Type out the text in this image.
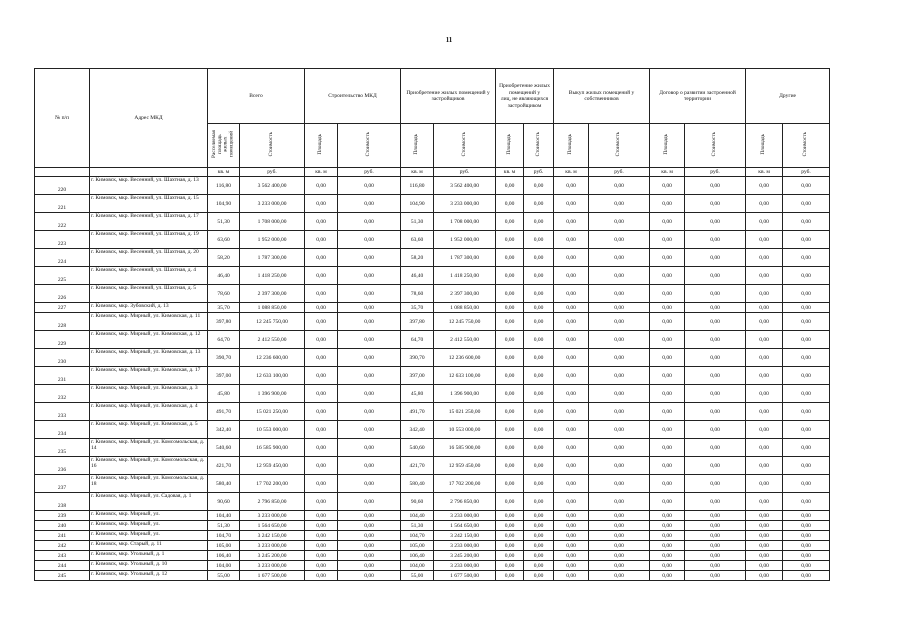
11
№ п/п	Адрес МКД	Всего		Строительство МКД		Приобретение жилых помещений у застройщиков		Приобретение жилых помещений у
лиц, не являющихся застройщиком		Выкуп жилых помещений у собственников		Договор о развитии застроенной территории		Другие	
		Расселяемая
площадь
жилых
помещений	Стоимость	Площадь	Стоимость	Площадь	Стоимость	Площадь	Стоимость	Площадь	Стоимость	Площадь	Стоимость	Площадь	Стоимость
		кв. м	руб.	кв. м	руб.	кв. м	руб.	кв. м	руб.	кв. м	руб.	кв. м	руб.	кв. м	руб.
220	г. Кимовск, мкр. Весенний, ул. Шахтная, д. 13	116,80	3 562 400,00	0,00	0,00	116,80	3 562 400,00	0,00	0,00	0,00	0,00	0,00	0,00	0,00	0,00
221	г. Кимовск, мкр. Весенний, ул. Шахтная, д. 15	104,90	3 233 000,00	0,00	0,00	104,90	3 233 000,00	0,00	0,00	0,00	0,00	0,00	0,00	0,00	0,00
222	г. Кимовск, мкр. Весенний, ул. Шахтная, д. 17	51,30	1 708 000,00	0,00	0,00	51,30	1 708 000,00	0,00	0,00	0,00	0,00	0,00	0,00	0,00	0,00
223	г. Кимовск, мкр. Весенний, ул. Шахтная, д. 19	63,60	1 952 000,00	0,00	0,00	63,60	1 952 000,00	0,00	0,00	0,00	0,00	0,00	0,00	0,00	0,00
224	г. Кимовск, мкр. Весенний, ул. Шахтная, д. 20	58,20	1 787 300,00	0,00	0,00	58,20	1 787 300,00	0,00	0,00	0,00	0,00	0,00	0,00	0,00	0,00
225	г. Кимовск, мкр. Весенний, ул. Шахтная, д. 4	46,40	1 418 250,00	0,00	0,00	46,40	1 418 250,00	0,00	0,00	0,00	0,00	0,00	0,00	0,00	0,00
226	г. Кимовск, мкр. Весенний, ул. Шахтная, д. 5	78,60	2 397 300,00	0,00	0,00	78,60	2 397 300,00	0,00	0,00	0,00	0,00	0,00	0,00	0,00	0,00
227	г. Кимовск, мкр. Зубовский, д. 13	35,70	1 088 850,00	0,00	0,00	35,70	1 088 850,00	0,00	0,00	0,00	0,00	0,00	0,00	0,00	0,00
228	г. Кимовск, мкр. Мирный, ул. Кимовская, д. 11	397,80	12 245 750,00	0,00	0,00	397,80	12 245 750,00	0,00	0,00	0,00	0,00	0,00	0,00	0,00	0,00
229	г. Кимовск, мкр. Мирный, ул. Кимовская, д. 12	64,70	2 412 550,00	0,00	0,00	64,70	2 412 550,00	0,00	0,00	0,00	0,00	0,00	0,00	0,00	0,00
230	г. Кимовск, мкр. Мирный, ул. Кимовская, д. 13	390,70	12 236 600,00	0,00	0,00	390,70	12 236 600,00	0,00	0,00	0,00	0,00	0,00	0,00	0,00	0,00
231	г. Кимовск, мкр. Мирный, ул. Кимовская, д. 17	397,00	12 633 100,00	0,00	0,00	397,00	12 633 100,00	0,00	0,00	0,00	0,00	0,00	0,00	0,00	0,00
232	г. Кимовск, мкр. Мирный, ул. Кимовская, д. 3	45,80	1 396 900,00	0,00	0,00	45,80	1 396 900,00	0,00	0,00	0,00	0,00	0,00	0,00	0,00	0,00
233	г. Кимовск, мкр. Мирный, ул. Кимовская, д. 4	491,70	15 021 250,00	0,00	0,00	491,70	15 021 250,00	0,00	0,00	0,00	0,00	0,00	0,00	0,00	0,00
234	г. Кимовск, мкр. Мирный, ул. Кимовская, д. 5	342,40	10 553 000,00	0,00	0,00	342,40	10 553 000,00	0,00	0,00	0,00	0,00	0,00	0,00	0,00	0,00
235	г. Кимовск, мкр. Мирный, ул. Комсомольская, д. 14	540,60	16 585 900,00	0,00	0,00	540,60	16 585 900,00	0,00	0,00	0,00	0,00	0,00	0,00	0,00	0,00
236	г. Кимовск, мкр. Мирный, ул. Комсомольская, д. 16	421,70	12 959 450,00	0,00	0,00	421,70	12 959 450,00	0,00	0,00	0,00	0,00	0,00	0,00	0,00	0,00
237	г. Кимовск, мкр. Мирный, ул. Комсомольская, д. 18	580,40	17 702 200,00	0,00	0,00	580,40	17 702 200,00	0,00	0,00	0,00	0,00	0,00	0,00	0,00	0,00
238	г. Кимовск, мкр. Мирный, ул. Садовая, д. 1	90,60	2 796 850,00	0,00	0,00	90,60	2 796 850,00	0,00	0,00	0,00	0,00	0,00	0,00	0,00	0,00
239	г. Кимовск, мкр. Мирный, ул.	104,40	3 233 000,00	0,00	0,00	104,40	3 233 000,00	0,00	0,00	0,00	0,00	0,00	0,00	0,00	0,00
240	г. Кимовск, мкр. Мирный, ул.	51,30	1 564 650,00	0,00	0,00	51,30	1 564 650,00	0,00	0,00	0,00	0,00	0,00	0,00	0,00	0,00
241	г. Кимовск, мкр. Мирный, ул.	104,70	3 242 150,00	0,00	0,00	104,70	3 242 150,00	0,00	0,00	0,00	0,00	0,00	0,00	0,00	0,00
242	г. Кимовск, мкр. Старый, д. 11	105,00	3 233 000,00	0,00	0,00	105,00	3 233 000,00	0,00	0,00	0,00	0,00	0,00	0,00	0,00	0,00
243	г. Кимовск, мкр. Угольный, д. 1	106,40	3 245 200,00	0,00	0,00	106,40	3 245 200,00	0,00	0,00	0,00	0,00	0,00	0,00	0,00	0,00
244	г. Кимовск, мкр. Угольный, д. 10	104,00	3 233 000,00	0,00	0,00	104,00	3 233 000,00	0,00	0,00	0,00	0,00	0,00	0,00	0,00	0,00
245	г. Кимовск, мкр. Угольный, д. 12	55,00	1 677 500,00	0,00	0,00	55,00	1 677 500,00	0,00	0,00	0,00	0,00	0,00	0,00	0,00	0,00
